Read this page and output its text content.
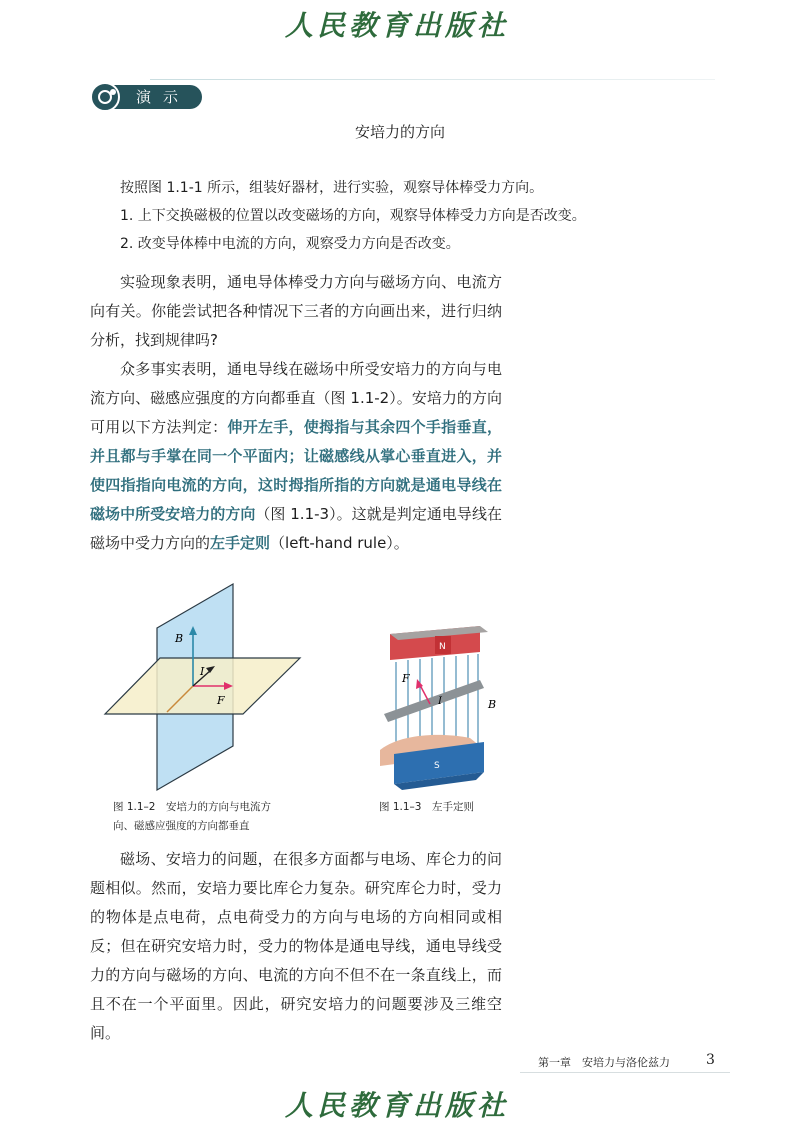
人民教育出版社
演示
安培力的方向

按照图 1.1-1 所示，组装好器材，进行实验，观察导体棒受力方向。

1. 上下交换磁极的位置以改变磁场的方向，观察导体棒受力方向是否改变。

2. 改变导体棒中电流的方向，观察受力方向是否改变。

实验现象表明，通电导体棒受力方向与磁场方向、电流方向有关。你能尝试把各种情况下三者的方向画出来，进行归纳分析，找到规律吗?

众多事实表明，通电导线在磁场中所受安培力的方向与电流方向、磁感应强度的方向都垂直（图 1.1-2）。安培力的方向可用以下方法判定：伸开左手，使拇指与其余四个手指垂直，并且都与手掌在同一个平面内；让磁感线从掌心垂直进入，并使四指指向电流的方向，这时拇指所指的方向就是通电导线在磁场中所受安培力的方向（图 1.1-3）。这就是判定通电导线在磁场中受力方向的左手定则（left-hand rule）。

B
I
F
N
S
F
I	B
图 1.1–2　安培力的方向与电流方
向、磁感应强度的方向都垂直
图 1.1–3　左手定则

磁场、安培力的问题，在很多方面都与电场、库仑力的问题相似。然而，安培力要比库仑力复杂。研究库仑力时，受力的物体是点电荷，点电荷受力的方向与电场的方向相同或相反；但在研究安培力时，受力的物体是通电导线，通电导线受力的方向与磁场的方向、电流的方向不但不在一条直线上，而且不在一个平面里。因此，研究安培力的问题要涉及三维空间。

第一章　安培力与洛伦兹力	3
人民教育出版社
